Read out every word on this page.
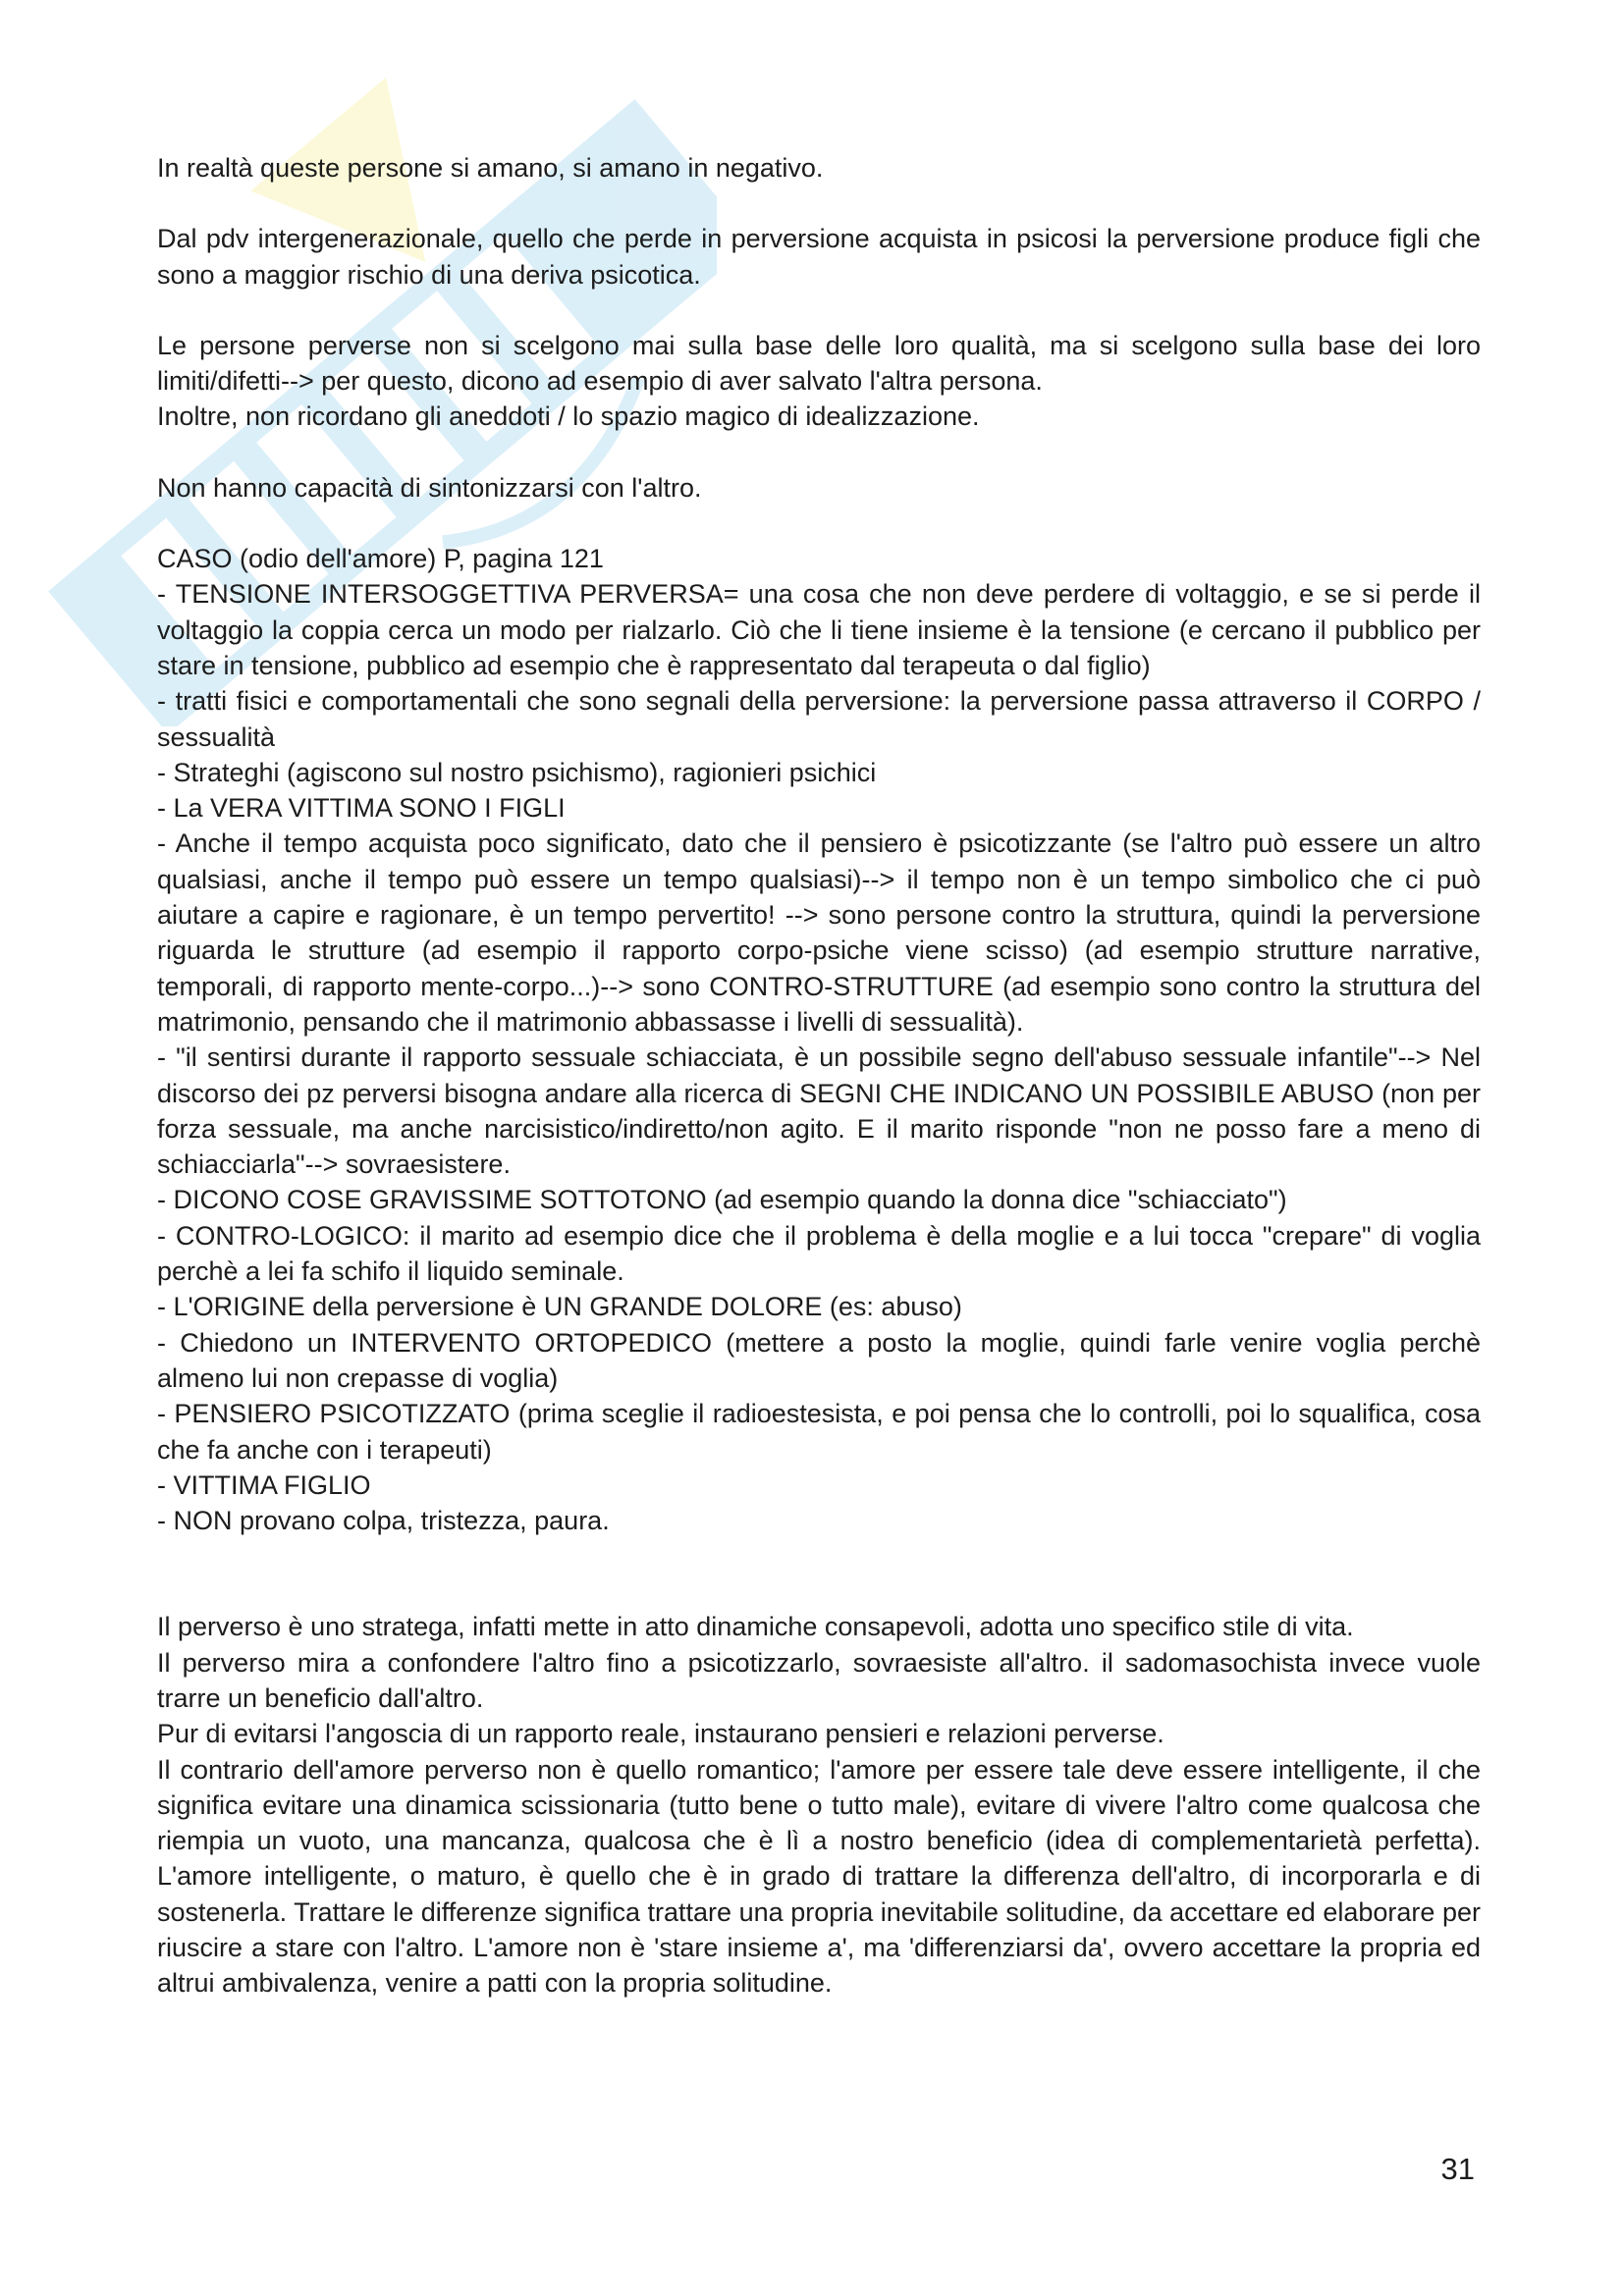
In realtà queste persone si amano, si amano in negativo.

Dal pdv intergenerazionale, quello che perde in perversione acquista in psicosi la perversione produce figli che sono a maggior rischio di una deriva psicotica.

Le persone perverse non si scelgono mai sulla base delle loro qualità, ma si scelgono sulla base dei loro limiti/difetti--> per questo, dicono ad esempio di aver salvato l'altra persona.

Inoltre, non ricordano gli aneddoti / lo spazio magico di idealizzazione.

Non hanno capacità di sintonizzarsi con l'altro.

CASO (odio dell'amore) P, pagina 121

- TENSIONE INTERSOGGETTIVA PERVERSA= una cosa che non deve perdere di voltaggio, e se si perde il voltaggio la coppia cerca un modo per rialzarlo. Ciò che li tiene insieme è la tensione (e cercano il pubblico per stare in tensione, pubblico ad esempio che è rappresentato dal terapeuta o dal figlio)

- tratti fisici e comportamentali che sono segnali della perversione: la perversione passa attraverso il CORPO / sessualità

- Strateghi (agiscono sul nostro psichismo), ragionieri psichici

- La VERA VITTIMA SONO I FIGLI

- Anche il tempo acquista poco significato, dato che il pensiero è psicotizzante (se l'altro può essere un altro qualsiasi, anche il tempo può essere un tempo qualsiasi)--> il tempo non è un tempo simbolico che ci può aiutare a capire e ragionare, è un tempo pervertito! --> sono persone contro la struttura, quindi la perversione riguarda le strutture (ad esempio il rapporto corpo-psiche viene scisso) (ad esempio strutture narrative, temporali, di rapporto mente-corpo...)--> sono CONTRO-STRUTTURE (ad esempio sono contro la struttura del matrimonio, pensando che il matrimonio abbassasse i livelli di sessualità).

- "il sentirsi durante il rapporto sessuale schiacciata, è un possibile segno dell'abuso sessuale infantile"--> Nel discorso dei pz perversi bisogna andare alla ricerca di SEGNI CHE INDICANO UN POSSIBILE ABUSO (non per forza sessuale, ma anche narcisistico/indiretto/non agito. E il marito risponde "non ne posso fare a meno di schiacciarla"--> sovraesistere.

- DICONO COSE GRAVISSIME SOTTOTONO (ad esempio quando la donna dice "schiacciato")

- CONTRO-LOGICO: il marito ad esempio dice che il problema è della moglie e a lui tocca "crepare" di voglia perchè a lei fa schifo il liquido seminale.

- L'ORIGINE della perversione è UN GRANDE DOLORE (es: abuso)

- Chiedono un INTERVENTO ORTOPEDICO (mettere a posto la moglie, quindi farle venire voglia perchè almeno lui non crepasse di voglia)

- PENSIERO PSICOTIZZATO (prima sceglie il radioestesista, e poi pensa che lo controlli, poi lo squalifica, cosa che fa anche con i terapeuti)

- VITTIMA FIGLIO

- NON provano colpa, tristezza, paura.

Il perverso è uno stratega, infatti mette in atto dinamiche consapevoli, adotta uno specifico stile di vita.

Il perverso mira a confondere l'altro fino a psicotizzarlo, sovraesiste all'altro. il sadomasochista invece vuole trarre un beneficio dall'altro.

Pur di evitarsi l'angoscia di un rapporto reale, instaurano pensieri e relazioni perverse.

Il contrario dell'amore perverso non è quello romantico; l'amore per essere tale deve essere intelligente, il che significa evitare una dinamica scissionaria (tutto bene o tutto male), evitare di vivere l'altro come qualcosa che riempia un vuoto, una mancanza, qualcosa che è lì a nostro beneficio (idea di complementarietà perfetta). L'amore intelligente, o maturo, è quello che è in grado di trattare la differenza dell'altro, di incorporarla e di sostenerla. Trattare le differenze significa trattare una propria inevitabile solitudine, da accettare ed elaborare per riuscire a stare con l'altro. L'amore non è 'stare insieme a', ma 'differenziarsi da', ovvero accettare la propria ed altrui ambivalenza, venire a patti con la propria solitudine.

31
